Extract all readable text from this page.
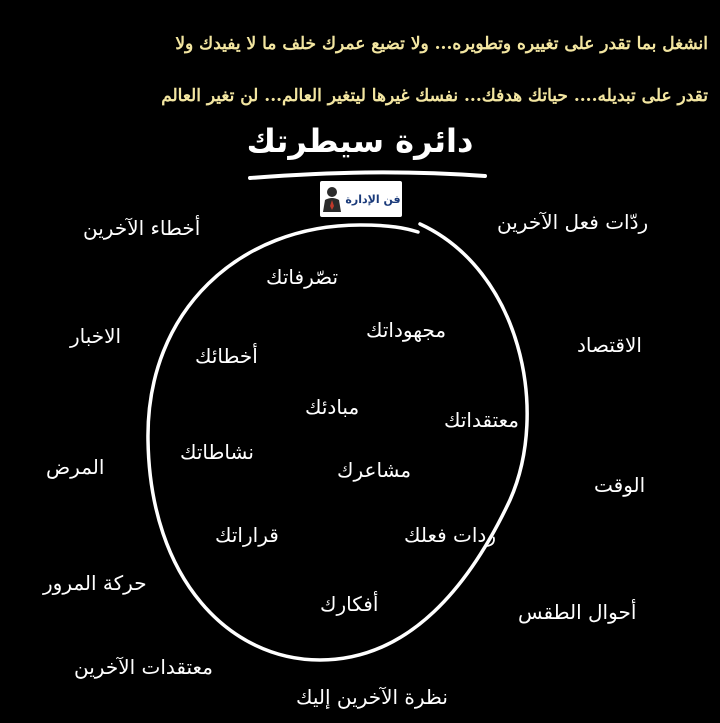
انشغل بما تقدر على تغييره وتطويره... ولا تضيع عمرك خلف ما لا يفيدك ولا
تقدر على تبديله.... حياتك هدفك... نفسك غيرها ليتغير العالم... لن تغير العالم
دائرة سيطرتك
فن الإدارة
تصّرفاتك
مجهوداتك
أخطائك
مبادئك
معتقداتك
نشاطاتك
مشاعرك
قراراتك	ردات فعلك
أفكارك
أخطاء الآخرين	ردّات فعل الآخرين
الاخبار	الاقتصاد
المرض
الوقت
حركة المرور
أحوال الطقس
معتقدات الآخرين
نظرة الآخرين إليك
